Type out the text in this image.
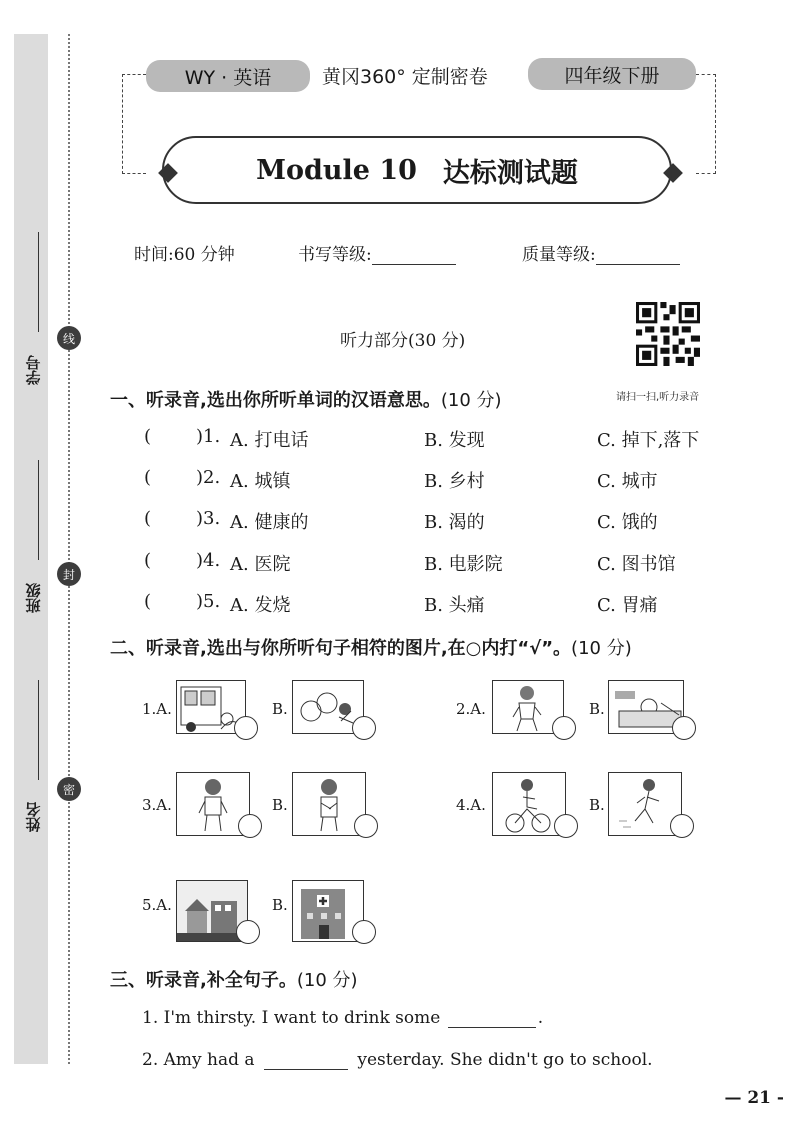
线
封
密
学号
班级
姓名
WY · 英语	黄冈360° 定制密卷	四年级下册
Module 10 达标测试题
时间:60 分钟	书写等级:	质量等级:
请扫一扫,听力录音
听力部分(30 分)
一、听录音,选出你所听单词的汉语意思。(10 分)
(	)1. A. 打电话	B. 发现	C. 掉下,落下
(	)2. A. 城镇	B. 乡村	C. 城市
(	)3. A. 健康的	B. 渴的	C. 饿的
(	)4. A. 医院	B. 电影院	C. 图书馆
(	)5. A. 发烧	B. 头痛	C. 胃痛
二、听录音,选出与你所听句子相符的图片,在○内打“√”。(10 分)
1.A.	B.	2.A.	B.
3.A.	B.	4.A.	B.
5.A.	B.
三、听录音,补全句子。(10 分)
1. I'm thirsty. I want to drink some	.
2. Amy had a	yesterday. She didn't go to school.
— 21 -
